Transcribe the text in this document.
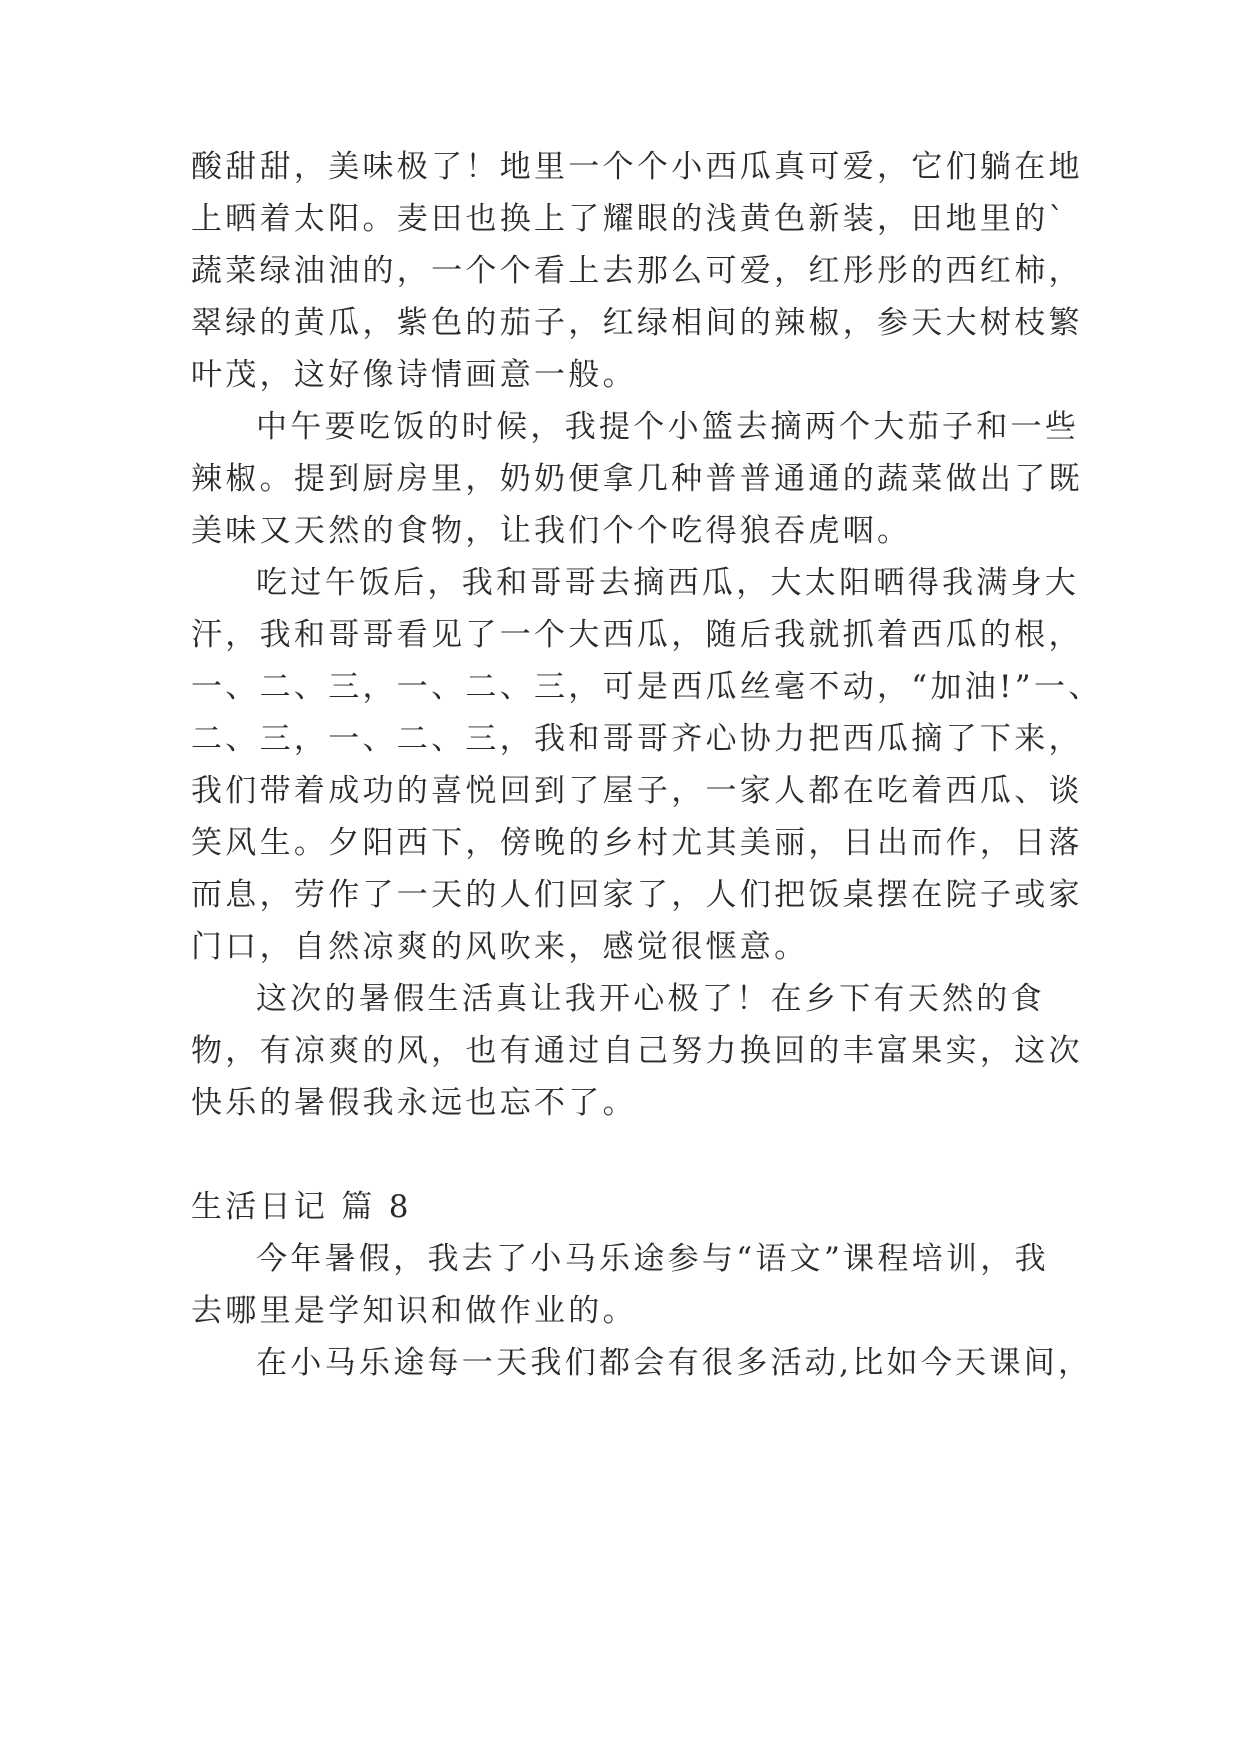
酸甜甜，美味极了！地里一个个小西瓜真可爱，它们躺在地
上晒着太阳。麦田也换上了耀眼的浅黄色新装，田地里的`
蔬菜绿油油的，一个个看上去那么可爱，红彤彤的西红柿，
翠绿的黄瓜，紫色的茄子，红绿相间的辣椒，参天大树枝繁
叶茂，这好像诗情画意一般。
中午要吃饭的时候，我提个小篮去摘两个大茄子和一些
辣椒。提到厨房里，奶奶便拿几种普普通通的蔬菜做出了既
美味又天然的食物，让我们个个吃得狼吞虎咽。
吃过午饭后，我和哥哥去摘西瓜，大太阳晒得我满身大
汗，我和哥哥看见了一个大西瓜，随后我就抓着西瓜的根，
一、二、三，一、二、三，可是西瓜丝毫不动，“加油!”一、
二、三，一、二、三，我和哥哥齐心协力把西瓜摘了下来，
我们带着成功的喜悦回到了屋子，一家人都在吃着西瓜、谈
笑风生。夕阳西下，傍晚的乡村尤其美丽，日出而作，日落
而息，劳作了一天的人们回家了，人们把饭桌摆在院子或家
门口，自然凉爽的风吹来，感觉很惬意。
这次的暑假生活真让我开心极了！在乡下有天然的食
物，有凉爽的风，也有通过自己努力换回的丰富果实，这次
快乐的暑假我永远也忘不了。
生活日记 篇 8
今年暑假，我去了小马乐途参与“语文”课程培训，我
去哪里是学知识和做作业的。
在小马乐途每一天我们都会有很多活动,比如今天课间，
